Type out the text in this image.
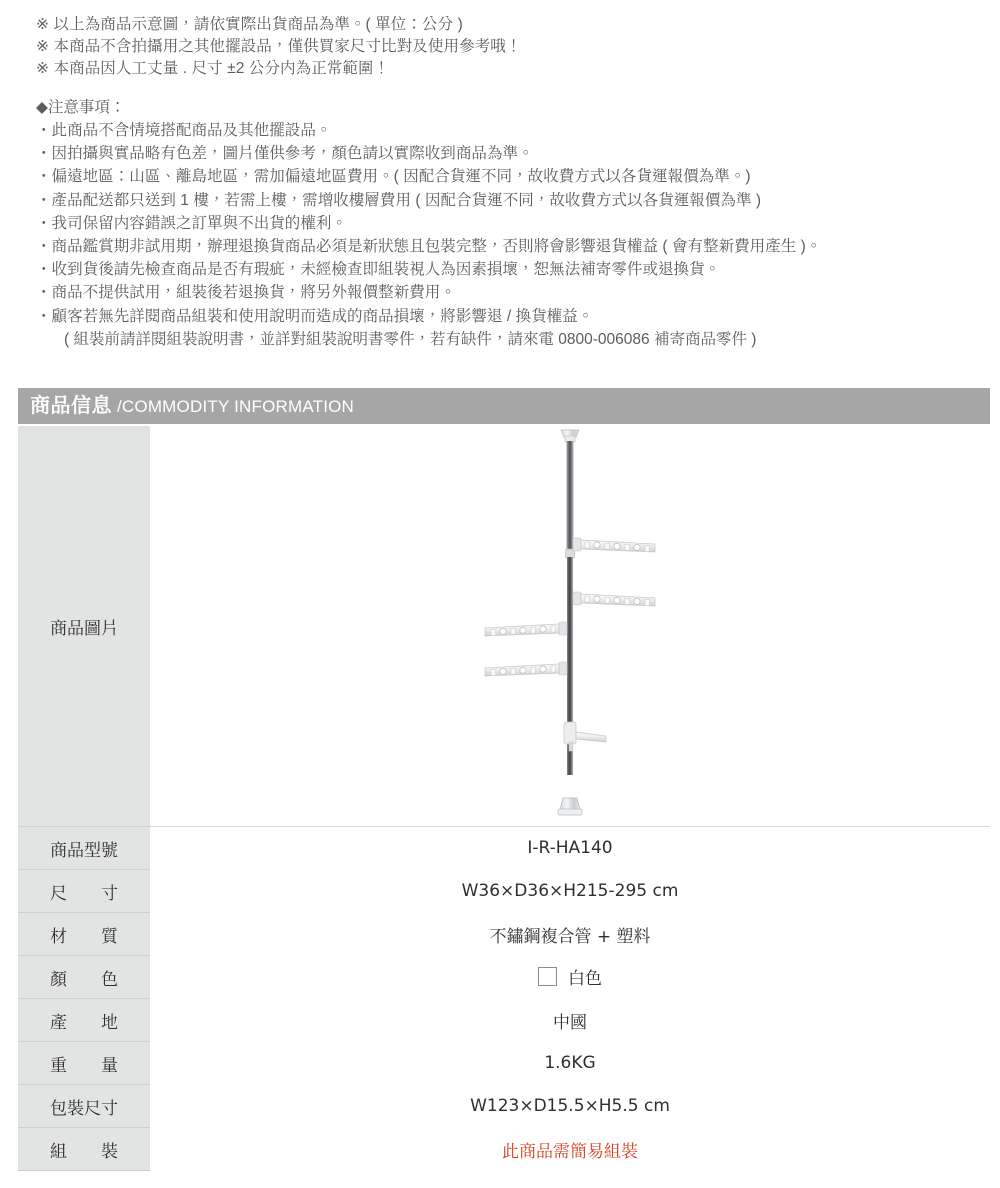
※ 以上為商品示意圖，請依實際出貨商品為準。( 單位：公分 )
※ 本商品不含拍攝用之其他擺設品，僅供買家尺寸比對及使用參考哦！
※ 本商品因人工丈量 . 尺寸 ±2 公分内為正常範圍！
◆注意事項：
・此商品不含情境搭配商品及其他擺設品。
・因拍攝與實品略有色差，圖片僅供參考，顏色請以實際收到商品為準。
・偏遠地區：山區、離島地區，需加偏遠地區費用。( 因配合貨運不同，故收費方式以各貨運報價為準。)
・產品配送都只送到 1 樓，若需上樓，需增收樓層費用 ( 因配合貨運不同，故收費方式以各貨運報價為準 )
・我司保留内容錯誤之訂單與不出貨的權利。
・商品鑑賞期非試用期，辦理退換貨商品必須是新狀態且包裝完整，否則將會影響退貨權益 ( 會有整新費用產生 )。
・收到貨後請先檢查商品是否有瑕疵，未經檢查即組裝視人為因素損壞，恕無法補寄零件或退換貨。
・商品不提供試用，組裝後若退換貨，將另外報價整新費用。
・顧客若無先詳閱商品組裝和使用說明而造成的商品損壞，將影響退 / 換貨權益。
( 組裝前請詳閱組裝說明書，並詳對組裝說明書零件，若有缺件，請來電 0800-006086 補寄商品零件 )
商品信息 /COMMODITY INFORMATION
商品圖片	

商品型號	I-R-HA140
尺　　寸	W36×D36×H215-295 cm
材　　質	不鏽鋼複合管 + 塑料
顏　　色	白色

產　　地	中國
重　　量	1.6KG
包裝尺寸	W123×D15.5×H5.5 cm
組　　裝	此商品需簡易組裝
